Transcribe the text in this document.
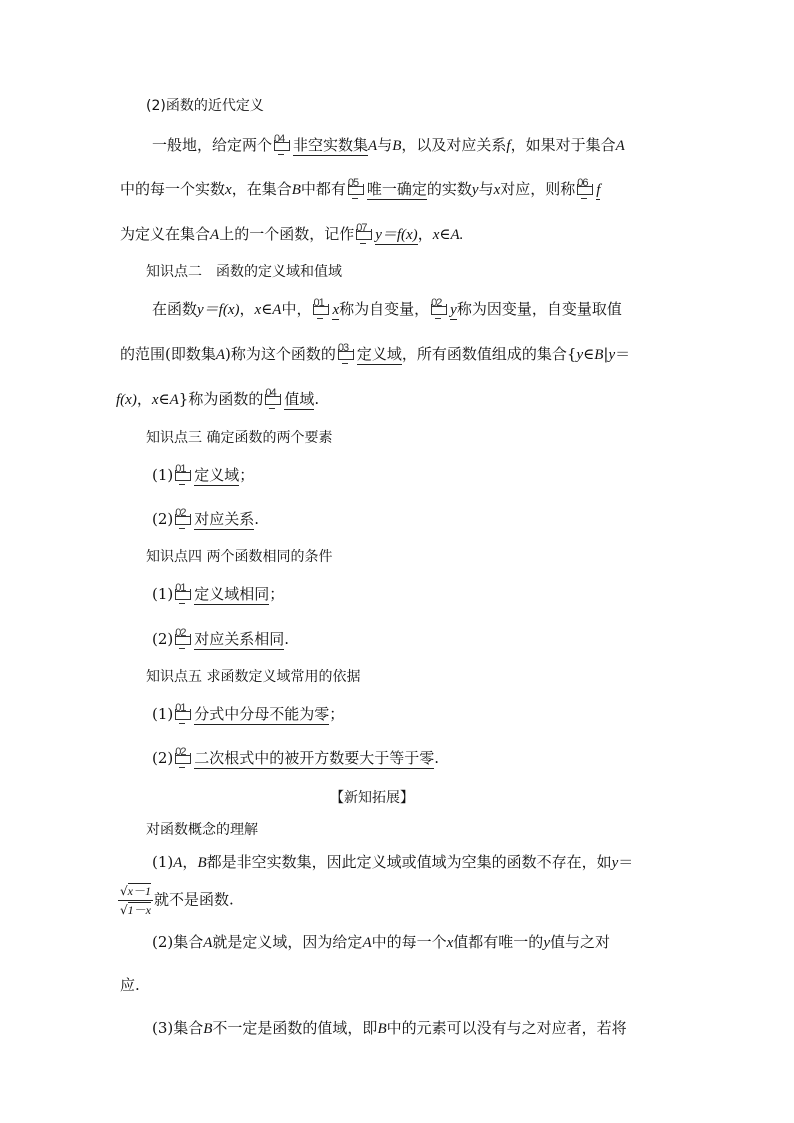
(2)函数的近代定义
一般地，给定两个 04 非空实数集A与B，以及对应关系f，如果对于集合A
中的每一个实数x，在集合B中都有 05 唯一确定的实数y与x对应，则称 06 f
为定义在集合A上的一个函数，记作 07 y＝f(x)，x∈A.
知识点二　函数的定义域和值域
在函数y＝f(x)，x∈A中， 01 x称为自变量， 02 y称为因变量，自变量取值
的范围(即数集A)称为这个函数的 03 定义域，所有函数值组成的集合{y∈B|y＝
f(x)，x∈A}称为函数的 04 值域.
知识点三 确定函数的两个要素
(1) 01 定义域；
(2) 02 对应关系.
知识点四 两个函数相同的条件
(1) 01 定义域相同；
(2) 02 对应关系相同.
知识点五 求函数定义域常用的依据
(1) 01 分式中分母不能为零；
(2) 02 二次根式中的被开方数要大于等于零.
【新知拓展】
对函数概念的理解
(1)A，B都是非空实数集，因此定义域或值域为空集的函数不存在，如y＝
$\frac{√x-1}{√1-x}$ 就不是函数.
(2)集合A就是定义域，因为给定A中的每一个x值都有唯一的y值与之对
应.
(3)集合B不一定是函数的值域，即B中的元素可以没有与之对应者，若将
